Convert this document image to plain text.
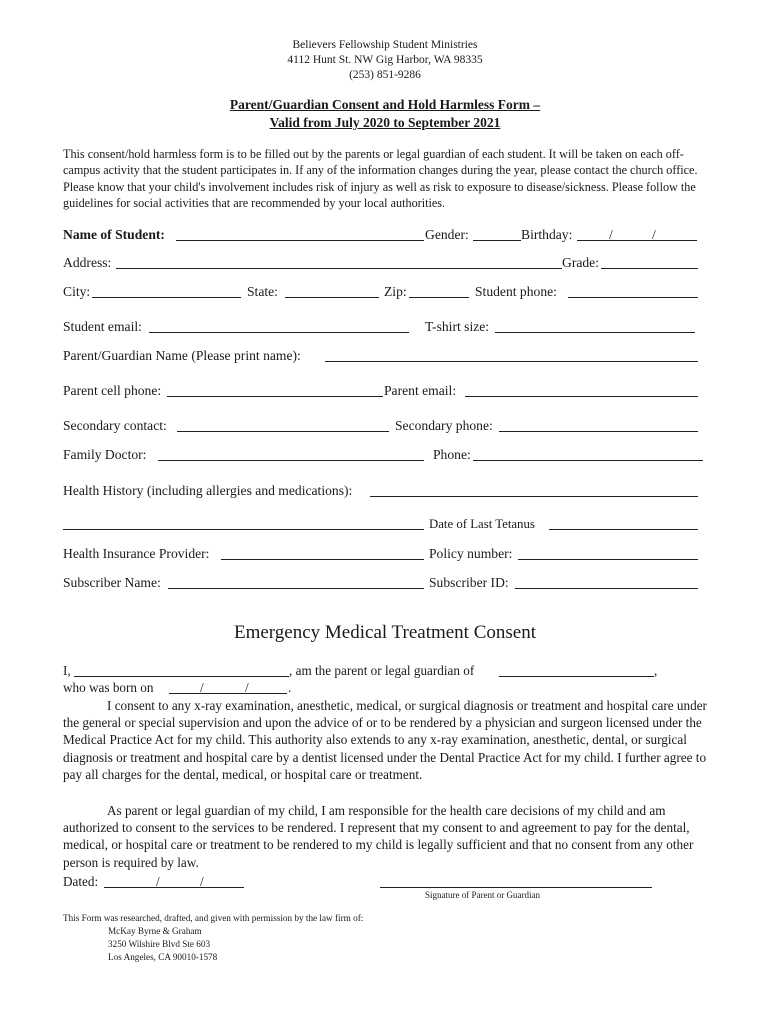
Believers Fellowship Student Ministries
4112 Hunt St. NW Gig Harbor, WA 98335
(253) 851-9286
Parent/Guardian Consent and Hold Harmless Form –
Valid from July 2020 to September 2021
This consent/hold harmless form is to be filled out by the parents or legal guardian of each student. It will be taken on each off-campus activity that the student participates in. If any of the information changes during the year, please contact the church office. Please know that your child's involvement includes risk of injury as well as risk to exposure to disease/sickness. Please follow the guidelines for social activities that are recommended by your local authorities.
Name of Student:	Gender:	Birthday:	/	/
Address:	Grade:
City:	State:	Zip:	Student phone:
Student email:	T-shirt size:
Parent/Guardian Name (Please print name):
Parent cell phone:	Parent email:
Secondary contact:	Secondary phone:
Family Doctor:	Phone:
Health History (including allergies and medications):
Date of Last Tetanus
Health Insurance Provider:	Policy number:
Subscriber Name:	Subscriber ID:
Emergency Medical Treatment Consent
I,	, am the parent or legal guardian of	,
who was born on	/	/	.
I consent to any x-ray examination, anesthetic, medical, or surgical diagnosis or treatment and hospital care under the general or special supervision and upon the advice of or to be rendered by a physician and surgeon licensed under the Medical Practice Act for my child. This authority also extends to any x-ray examination, anesthetic, dental, or surgical diagnosis or treatment and hospital care by a dentist licensed under the Dental Practice Act for my child. I further agree to pay all charges for the dental, medical, or hospital care or treatment.
As parent or legal guardian of my child, I am responsible for the health care decisions of my child and am authorized to consent to the services to be rendered. I represent that my consent to and agreement to pay for the dental, medical, or hospital care or treatment to be rendered to my child is legally sufficient and that no consent from any other person is required by law.
Dated:	/	/
Signature of Parent or Guardian
This Form was researched, drafted, and given with permission by the law firm of:
McKay Byrne & Graham
3250 Wilshire Blvd Ste 603
Los Angeles, CA 90010-1578
